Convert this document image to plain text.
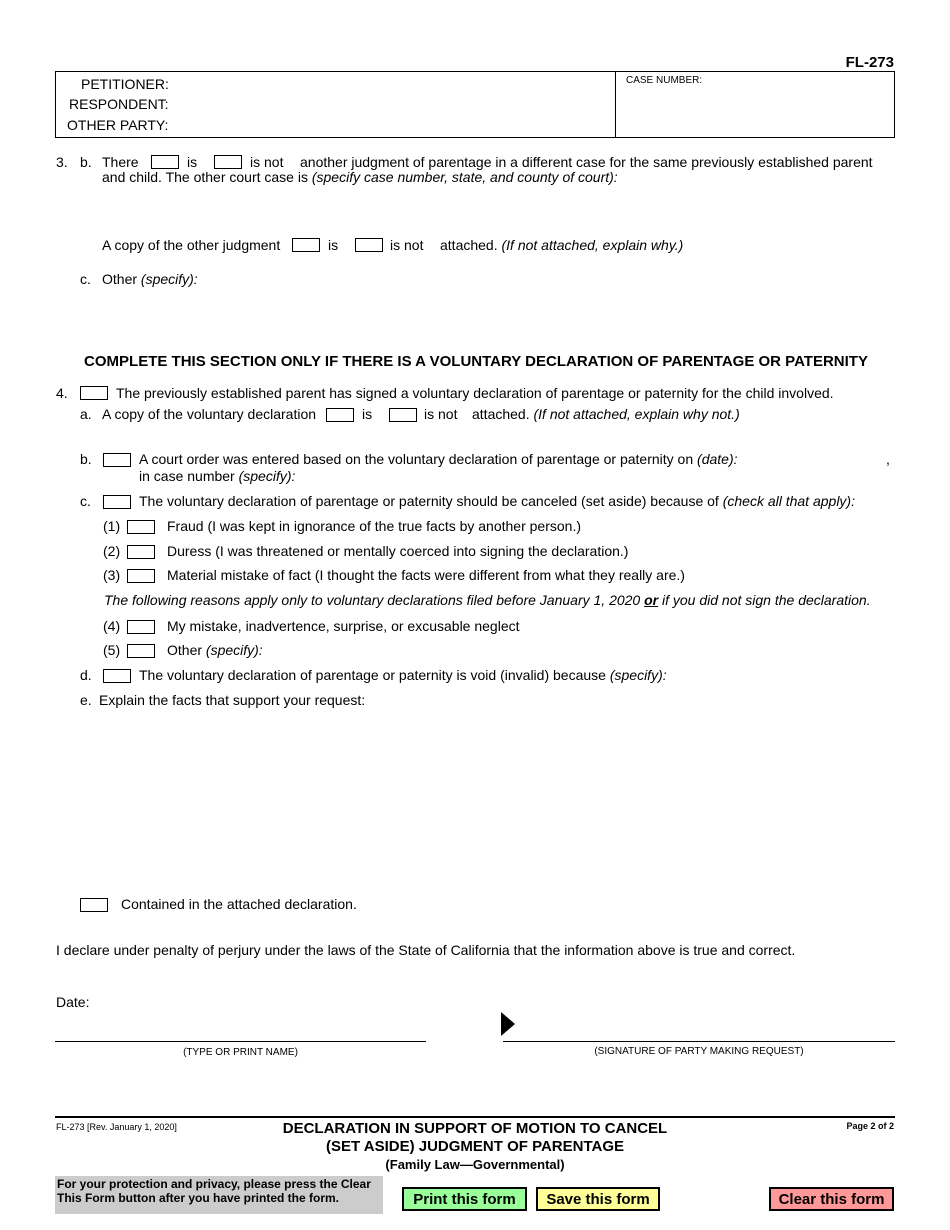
FL-273
PETITIONER:
RESPONDENT:
OTHER PARTY:
CASE NUMBER:
3. b. There	is	is not another judgment of parentage in a different case for the same previously established parent
and child. The other court case is (specify case number, state, and county of court):
A copy of the other judgment	is	is not attached. (If not attached, explain why.)
c. Other (specify):
COMPLETE THIS SECTION ONLY IF THERE IS A VOLUNTARY DECLARATION OF PARENTAGE OR PATERNITY
4.	The previously established parent has signed a voluntary declaration of parentage or paternity for the child involved.
a. A copy of the voluntary declaration	is	is not attached. (If not attached, explain why not.)
b.	A court order was entered based on the voluntary declaration of parentage or paternity on (date):	,
in case number (specify):
c.	The voluntary declaration of parentage or paternity should be canceled (set aside) because of (check all that apply):
(1)	Fraud (I was kept in ignorance of the true facts by another person.)
(2)	Duress (I was threatened or mentally coerced into signing the declaration.)
(3)	Material mistake of fact (I thought the facts were different from what they really are.)
The following reasons apply only to voluntary declarations filed before January 1, 2020 or if you did not sign the declaration.
(4)	My mistake, inadvertence, surprise, or excusable neglect
(5)	Other (specify):
d.	The voluntary declaration of parentage or paternity is void (invalid) because (specify):
e. Explain the facts that support your request:
Contained in the attached declaration.
I declare under penalty of perjury under the laws of the State of California that the information above is true and correct.
Date:
(TYPE OR PRINT NAME)	(SIGNATURE OF PARTY MAKING REQUEST)
FL-273 [Rev. January 1, 2020]	DECLARATION IN SUPPORT OF MOTION TO CANCEL
(SET ASIDE) JUDGMENT OF PARENTAGE
(Family Law—Governmental)
Page 2 of 2
For your protection and privacy, please press the Clear
This Form button after you have printed the form.	Print this form	Save this form	Clear this form
